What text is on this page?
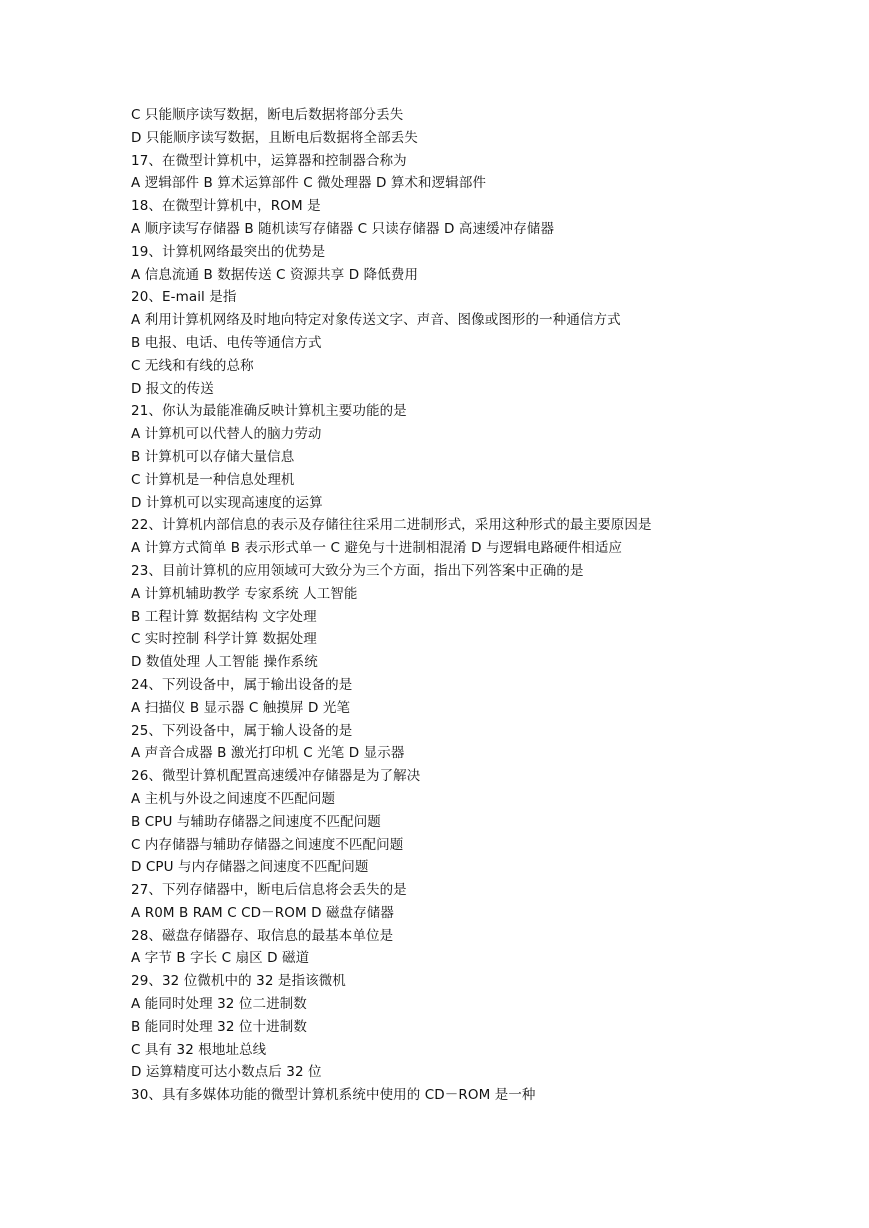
C 只能顺序读写数据，断电后数据将部分丢失
D 只能顺序读写数据，且断电后数据将全部丢失
17、在微型计算机中，运算器和控制器合称为
A 逻辑部件 B 算术运算部件 C 微处理器 D 算术和逻辑部件
18、在微型计算机中，ROM 是
A 顺序读写存储器 B 随机读写存储器 C 只读存储器 D 高速缓冲存储器
19、计算机网络最突出的优势是
A 信息流通 B 数据传送 C 资源共享 D 降低费用
20、E-mail 是指
A 利用计算机网络及时地向特定对象传送文字、声音、图像或图形的一种通信方式
B 电报、电话、电传等通信方式
C 无线和有线的总称
D 报文的传送
21、你认为最能准确反映计算机主要功能的是
A 计算机可以代替人的脑力劳动
B 计算机可以存储大量信息
C 计算机是一种信息处理机
D 计算机可以实现高速度的运算
22、计算机内部信息的表示及存储往往采用二进制形式，采用这种形式的最主要原因是
A 计算方式简单 B 表示形式单一 C 避免与十进制相混淆 D 与逻辑电路硬件相适应
23、目前计算机的应用领域可大致分为三个方面，指出下列答案中正确的是
A 计算机辅助教学 专家系统 人工智能
B 工程计算 数据结构 文字处理
C 实时控制 科学计算 数据处理
D 数值处理 人工智能 操作系统
24、下列设备中，属于输出设备的是
A 扫描仪 B 显示器 C 触摸屏 D 光笔
25、下列设备中，属于输人设备的是
A 声音合成器 B 激光打印机 C 光笔 D 显示器
26、微型计算机配置高速缓冲存储器是为了解决
A 主机与外设之间速度不匹配问题
B CPU 与辅助存储器之间速度不匹配问题
C 内存储器与辅助存储器之间速度不匹配问题
D CPU 与内存储器之间速度不匹配问题
27、下列存储器中，断电后信息将会丢失的是
A R0M B RAM C CD－ROM D 磁盘存储器
28、磁盘存储器存、取信息的最基本单位是
A 字节 B 字长 C 扇区 D 磁道
29、32 位微机中的 32 是指该微机
A 能同时处理 32 位二进制数
B 能同时处理 32 位十进制数
C 具有 32 根地址总线
D 运算精度可达小数点后 32 位
30、具有多媒体功能的微型计算机系统中使用的 CD－ROM 是一种
